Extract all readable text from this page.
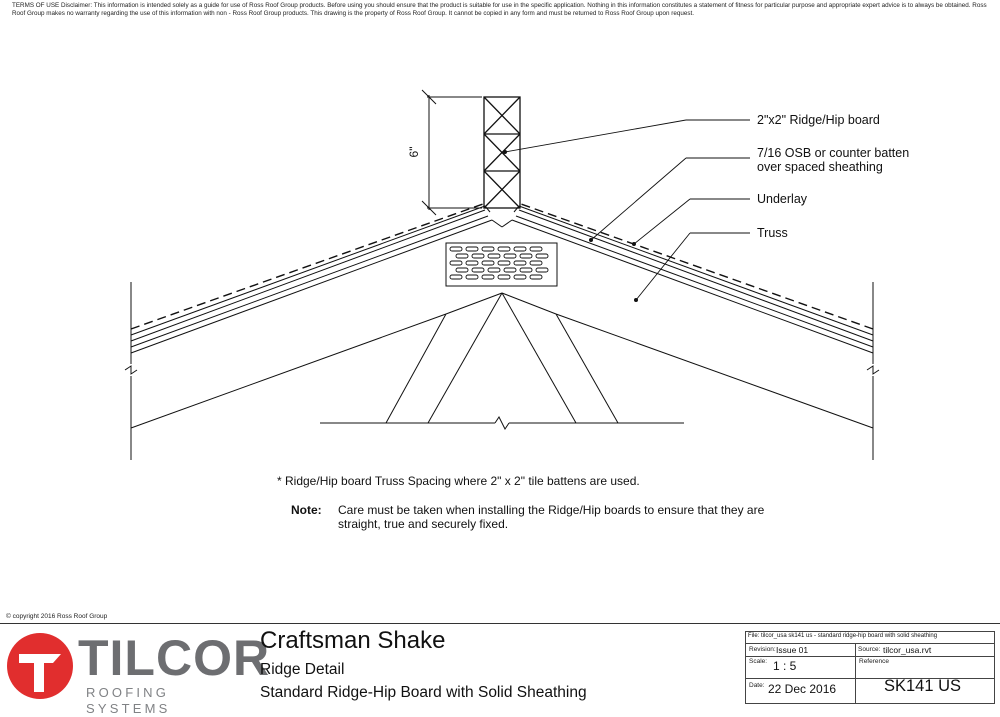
TERMS OF USE Disclaimer: This information is intended solely as a guide for use of Ross Roof Group products. Before using you should ensure that the product is suitable for use in the specific application. Nothing in this information constitutes a statement of fitness for particular purpose and appropriate expert advice is to always be obtained. Ross Roof Group makes no warranty regarding the use of this information with non - Ross Roof Group products. This drawing is the property of Ross Roof Group. It cannot be copied in any form and must be returned to Ross Roof Group upon request.
6"
2"x2" Ridge/Hip board
7/16 OSB or counter batten
over spaced sheathing
Underlay
Truss
* Ridge/Hip board Truss Spacing where 2" x 2" tile battens are used.
Note: Care must be taken when installing the Ridge/Hip boards to ensure that they are straight, true and securely fixed.
© copyright 2016 Ross Roof Group
TILCOR
ROOFING SYSTEMS
Craftsman Shake
Ridge Detail
Standard Ridge-Hip Board with Solid Sheathing
File: tilcor_usa sk141 us - standard ridge-hip board with solid sheathing
Revision: Issue 01	Source: tilcor_usa.rvt
Scale: 1 : 5	Reference
Date: 22 Dec 2016	SK141 US
